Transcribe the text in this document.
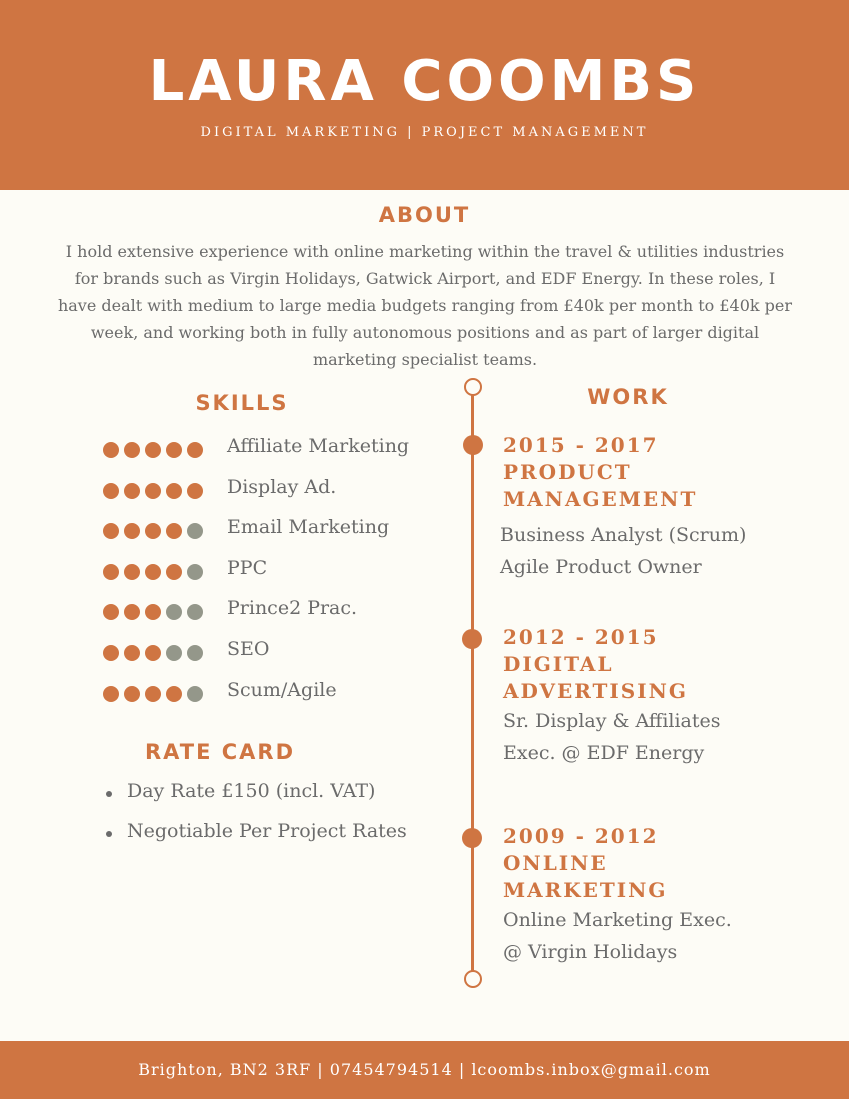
LAURA COOMBS
DIGITAL MARKETING | PROJECT MANAGEMENT
ABOUT
I hold extensive experience with online marketing within the travel & utilities industries for brands such as Virgin Holidays, Gatwick Airport, and EDF Energy. In these roles, I have dealt with medium to large media budgets ranging from £40k per month to £40k per week, and working both in fully autonomous positions and as part of larger digital marketing specialist teams.
SKILLS
Affiliate Marketing
Display Ad.
Email Marketing
PPC
Prince2 Prac.
SEO
Scum/Agile
RATE CARD
Day Rate £150 (incl. VAT)
Negotiable Per Project Rates
WORK
2015 - 2017
PRODUCT
MANAGEMENT
Business Analyst (Scrum)
Agile Product Owner
2012 - 2015
DIGITAL
ADVERTISING
Sr. Display & Affiliates
Exec. @ EDF Energy
2009 - 2012
ONLINE
MARKETING
Online Marketing Exec.
@ Virgin Holidays
Brighton, BN2 3RF | 07454794514 | lcoombs.inbox@gmail.com
